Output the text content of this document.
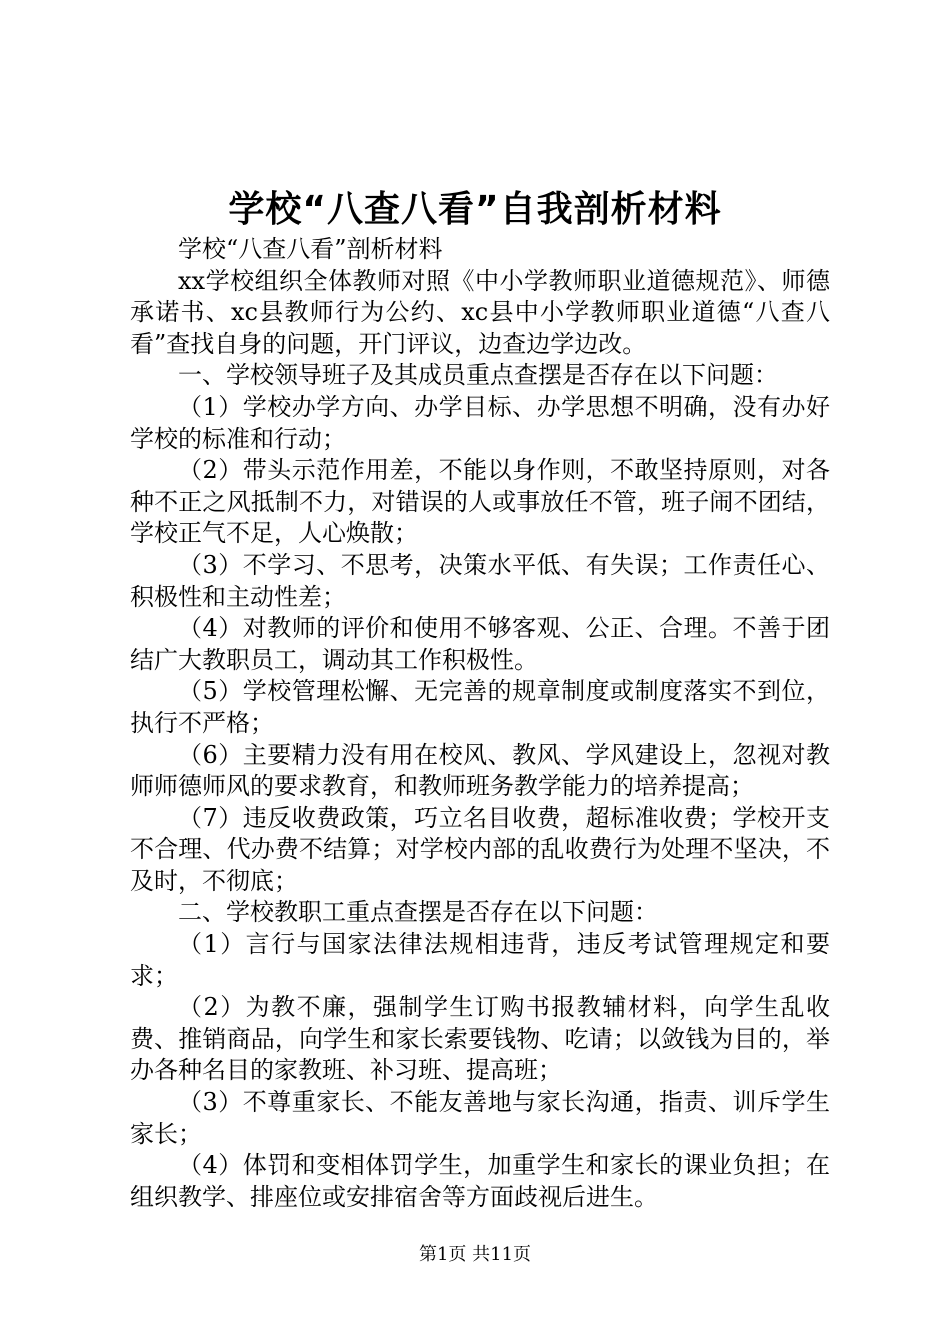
学校“八查八看”自我剖析材料

学校“八查八看”剖析材料

xx学校组织全体教师对照《中小学教师职业道德规范》、师德承诺书、xc县教师行为公约、xc县中小学教师职业道德“八查八看”查找自身的问题，开门评议，边查边学边改。

一、学校领导班子及其成员重点查摆是否存在以下问题：

（1）学校办学方向、办学目标、办学思想不明确，没有办好学校的标准和行动；

（2）带头示范作用差，不能以身作则，不敢坚持原则，对各种不正之风抵制不力，对错误的人或事放任不管，班子闹不团结，学校正气不足，人心焕散；

（3）不学习、不思考，决策水平低、有失误；工作责任心、积极性和主动性差；

（4）对教师的评价和使用不够客观、公正、合理。不善于团结广大教职员工，调动其工作积极性。

（5）学校管理松懈、无完善的规章制度或制度落实不到位，执行不严格；

（6）主要精力没有用在校风、教风、学风建设上，忽视对教师师德师风的要求教育，和教师班务教学能力的培养提高；

（7）违反收费政策，巧立名目收费，超标准收费；学校开支不合理、代办费不结算；对学校内部的乱收费行为处理不坚决，不及时，不彻底；

二、学校教职工重点查摆是否存在以下问题：

（1）言行与国家法律法规相违背，违反考试管理规定和要求；

（2）为教不廉，强制学生订购书报教辅材料，向学生乱收费、推销商品，向学生和家长索要钱物、吃请；以敛钱为目的，举办各种名目的家教班、补习班、提高班；

（3）不尊重家长、不能友善地与家长沟通，指责、训斥学生家长；

（4）体罚和变相体罚学生，加重学生和家长的课业负担；在组织教学、排座位或安排宿舍等方面歧视后进生。

第1页 共11页
